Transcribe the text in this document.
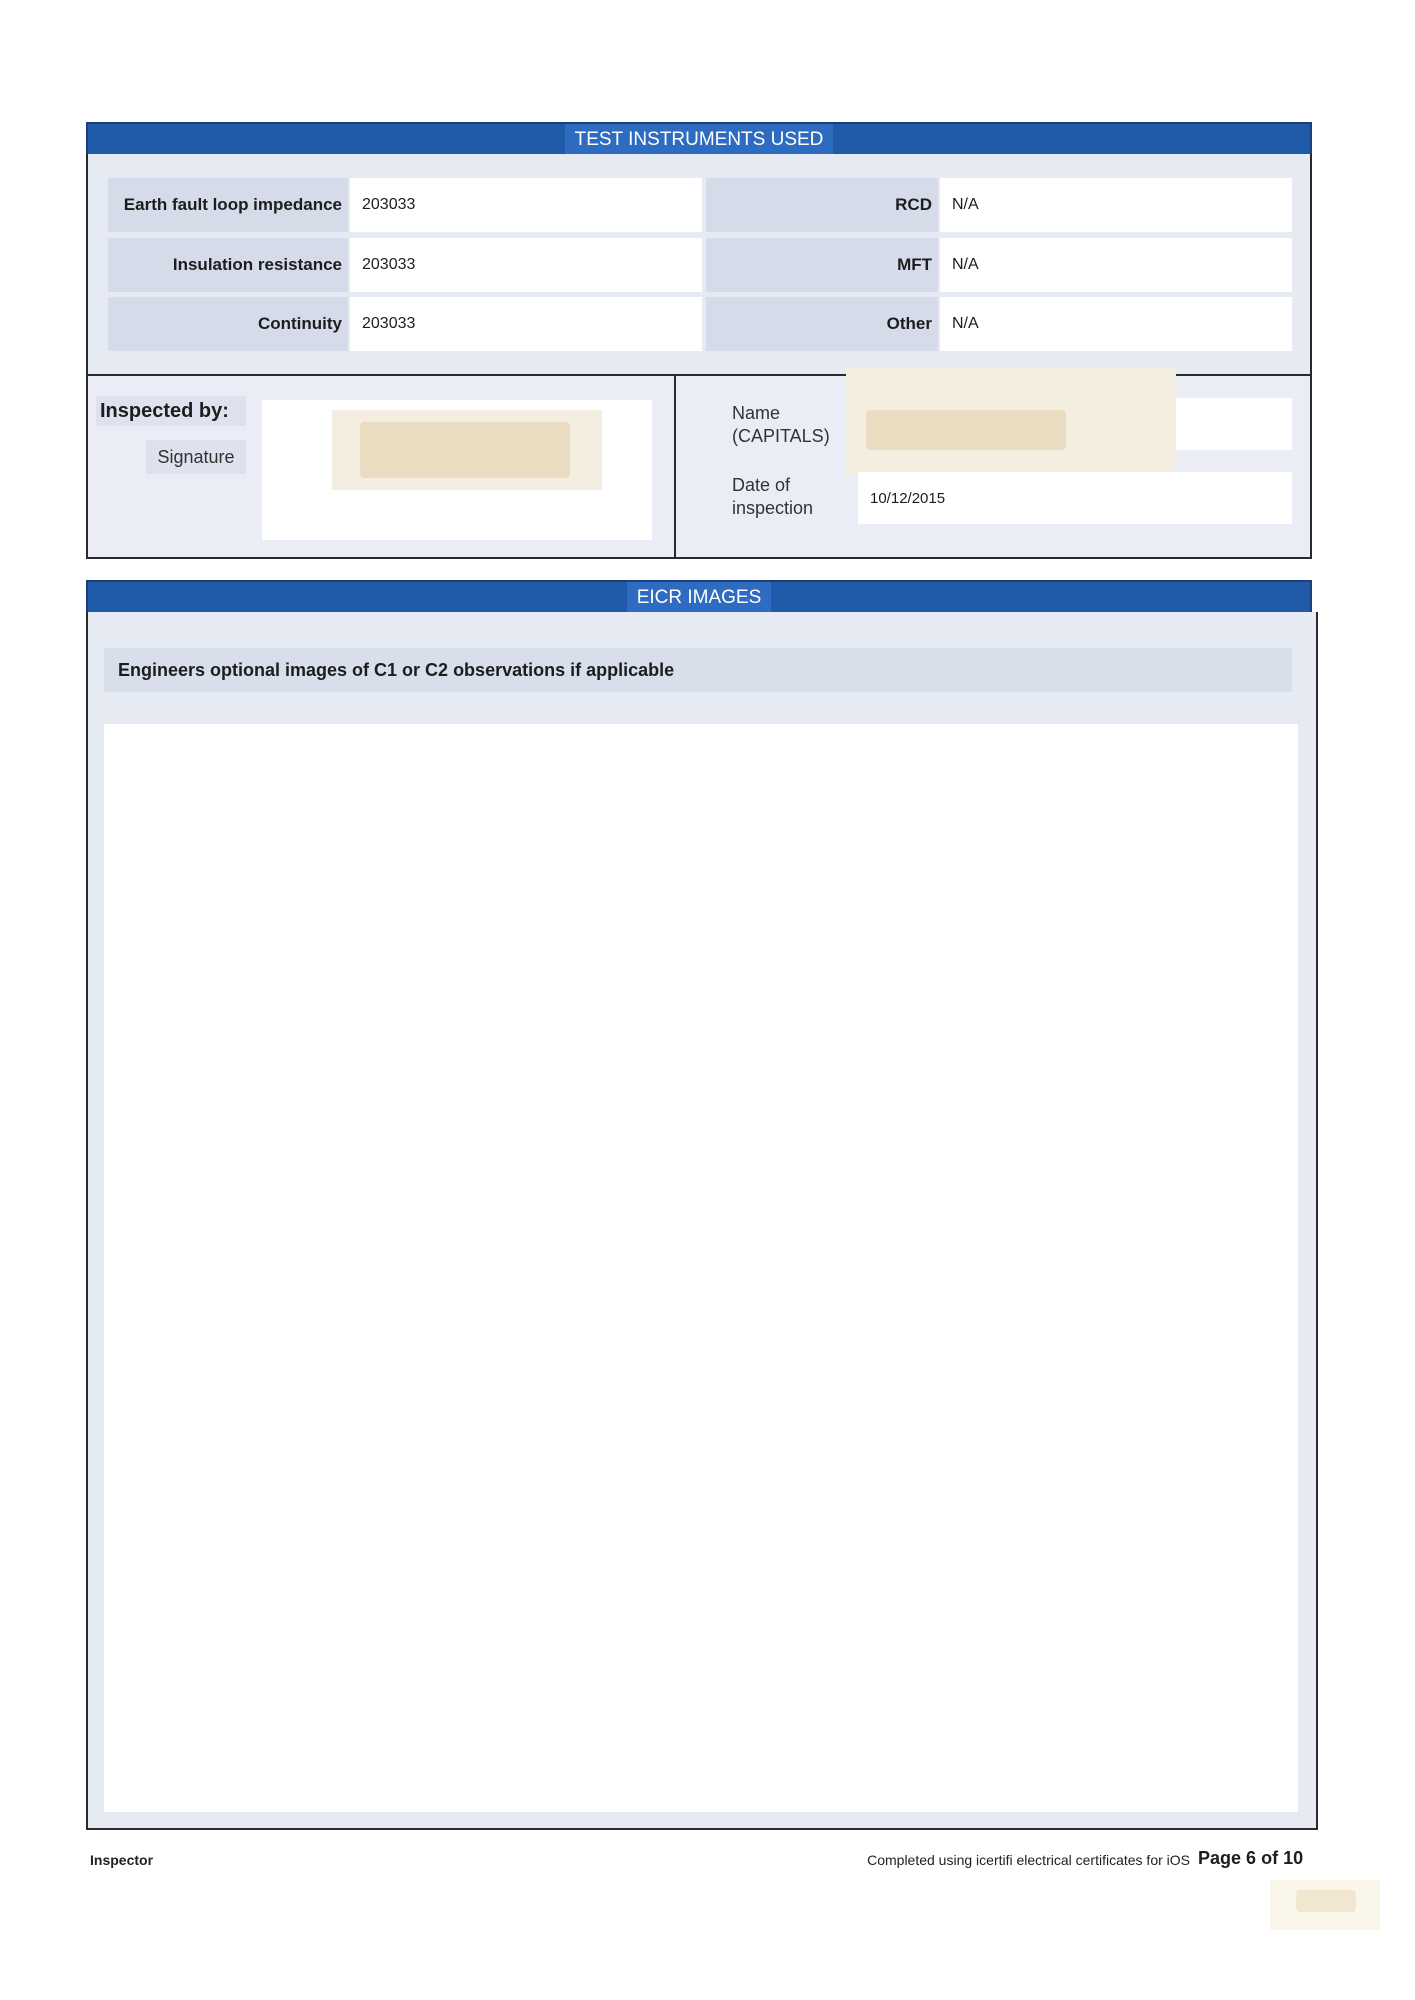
TEST INSTRUMENTS USED
Earth fault loop impedance	203033
Insulation resistance	203033
Continuity	203033
RCD	N/A
MFT	N/A
Other	N/A
Inspected by:
Signature
Name
(CAPITALS)
Date of
inspection	10/12/2015
EICR IMAGES
Engineers optional images of C1 or C2 observations if applicable
Inspector	Completed using icertifi electrical certificates for iOS Page 6 of 10
